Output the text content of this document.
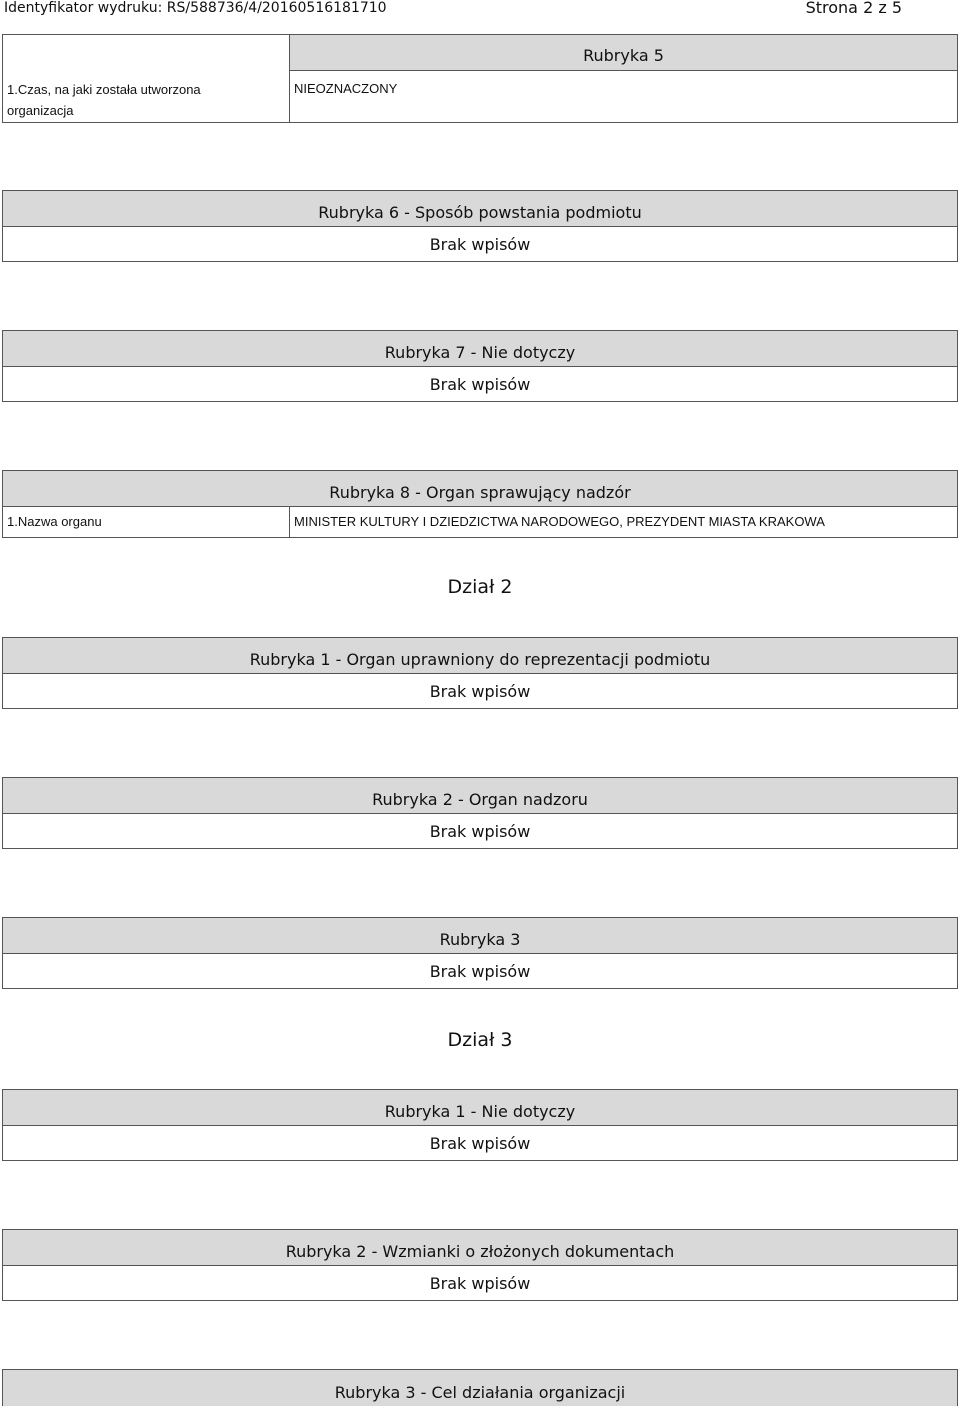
Identyfikator wydruku: RS/588736/4/20160516181710	Strona 2 z 5
1.Czas, na jaki została utworzona
organizacja
Rubryka 5
NIEOZNACZONY
Rubryka 6 - Sposób powstania podmiotu
Brak wpisów
Rubryka 7 - Nie dotyczy
Brak wpisów
Rubryka 8 - Organ sprawujący nadzór
1.Nazwa organu	MINISTER KULTURY I DZIEDZICTWA NARODOWEGO, PREZYDENT MIASTA KRAKOWA
Dział 2
Rubryka 1 - Organ uprawniony do reprezentacji podmiotu
Brak wpisów
Rubryka 2 - Organ nadzoru
Brak wpisów
Rubryka 3
Brak wpisów
Dział 3
Rubryka 1 - Nie dotyczy
Brak wpisów
Rubryka 2 - Wzmianki o złożonych dokumentach
Brak wpisów
Rubryka 3 - Cel działania organizacji
